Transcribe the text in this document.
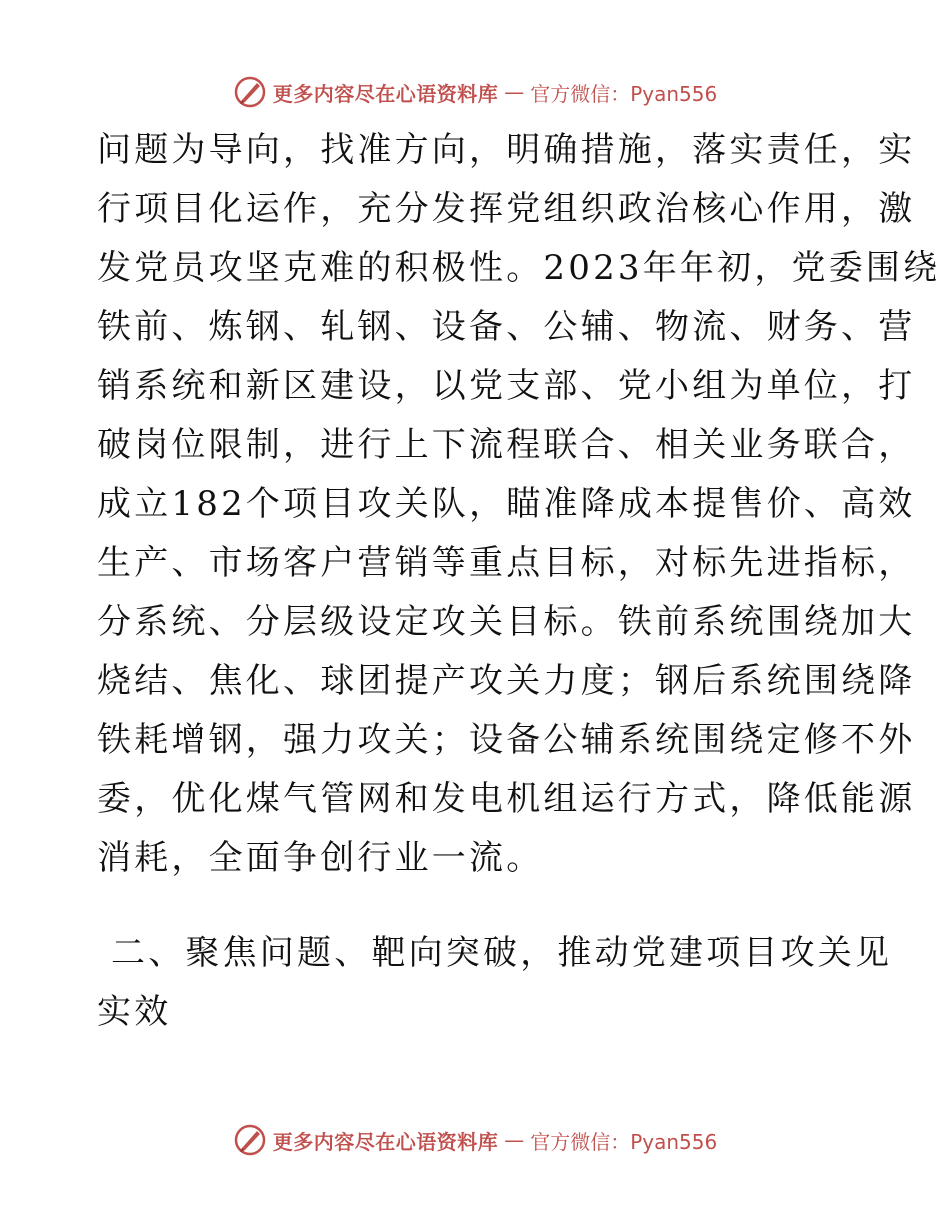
更多内容尽在心语资料库 — 官方微信：Pyan556
问题为导向，找准方向，明确措施，落实责任，实
行项目化运作，充分发挥党组织政治核心作用，激
发党员攻坚克难的积极性。2023年年初，党委围绕
铁前、炼钢、轧钢、设备、公辅、物流、财务、营
销系统和新区建设，以党支部、党小组为单位，打
破岗位限制，进行上下流程联合、相关业务联合，
成立182个项目攻关队，瞄准降成本提售价、高效
生产、市场客户营销等重点目标，对标先进指标，
分系统、分层级设定攻关目标。铁前系统围绕加大
烧结、焦化、球团提产攻关力度；钢后系统围绕降
铁耗增钢，强力攻关；设备公辅系统围绕定修不外
委，优化煤气管网和发电机组运行方式，降低能源
消耗，全面争创行业一流。
二、聚焦问题、靶向突破，推动党建项目攻关见
实效
更多内容尽在心语资料库 — 官方微信：Pyan556
